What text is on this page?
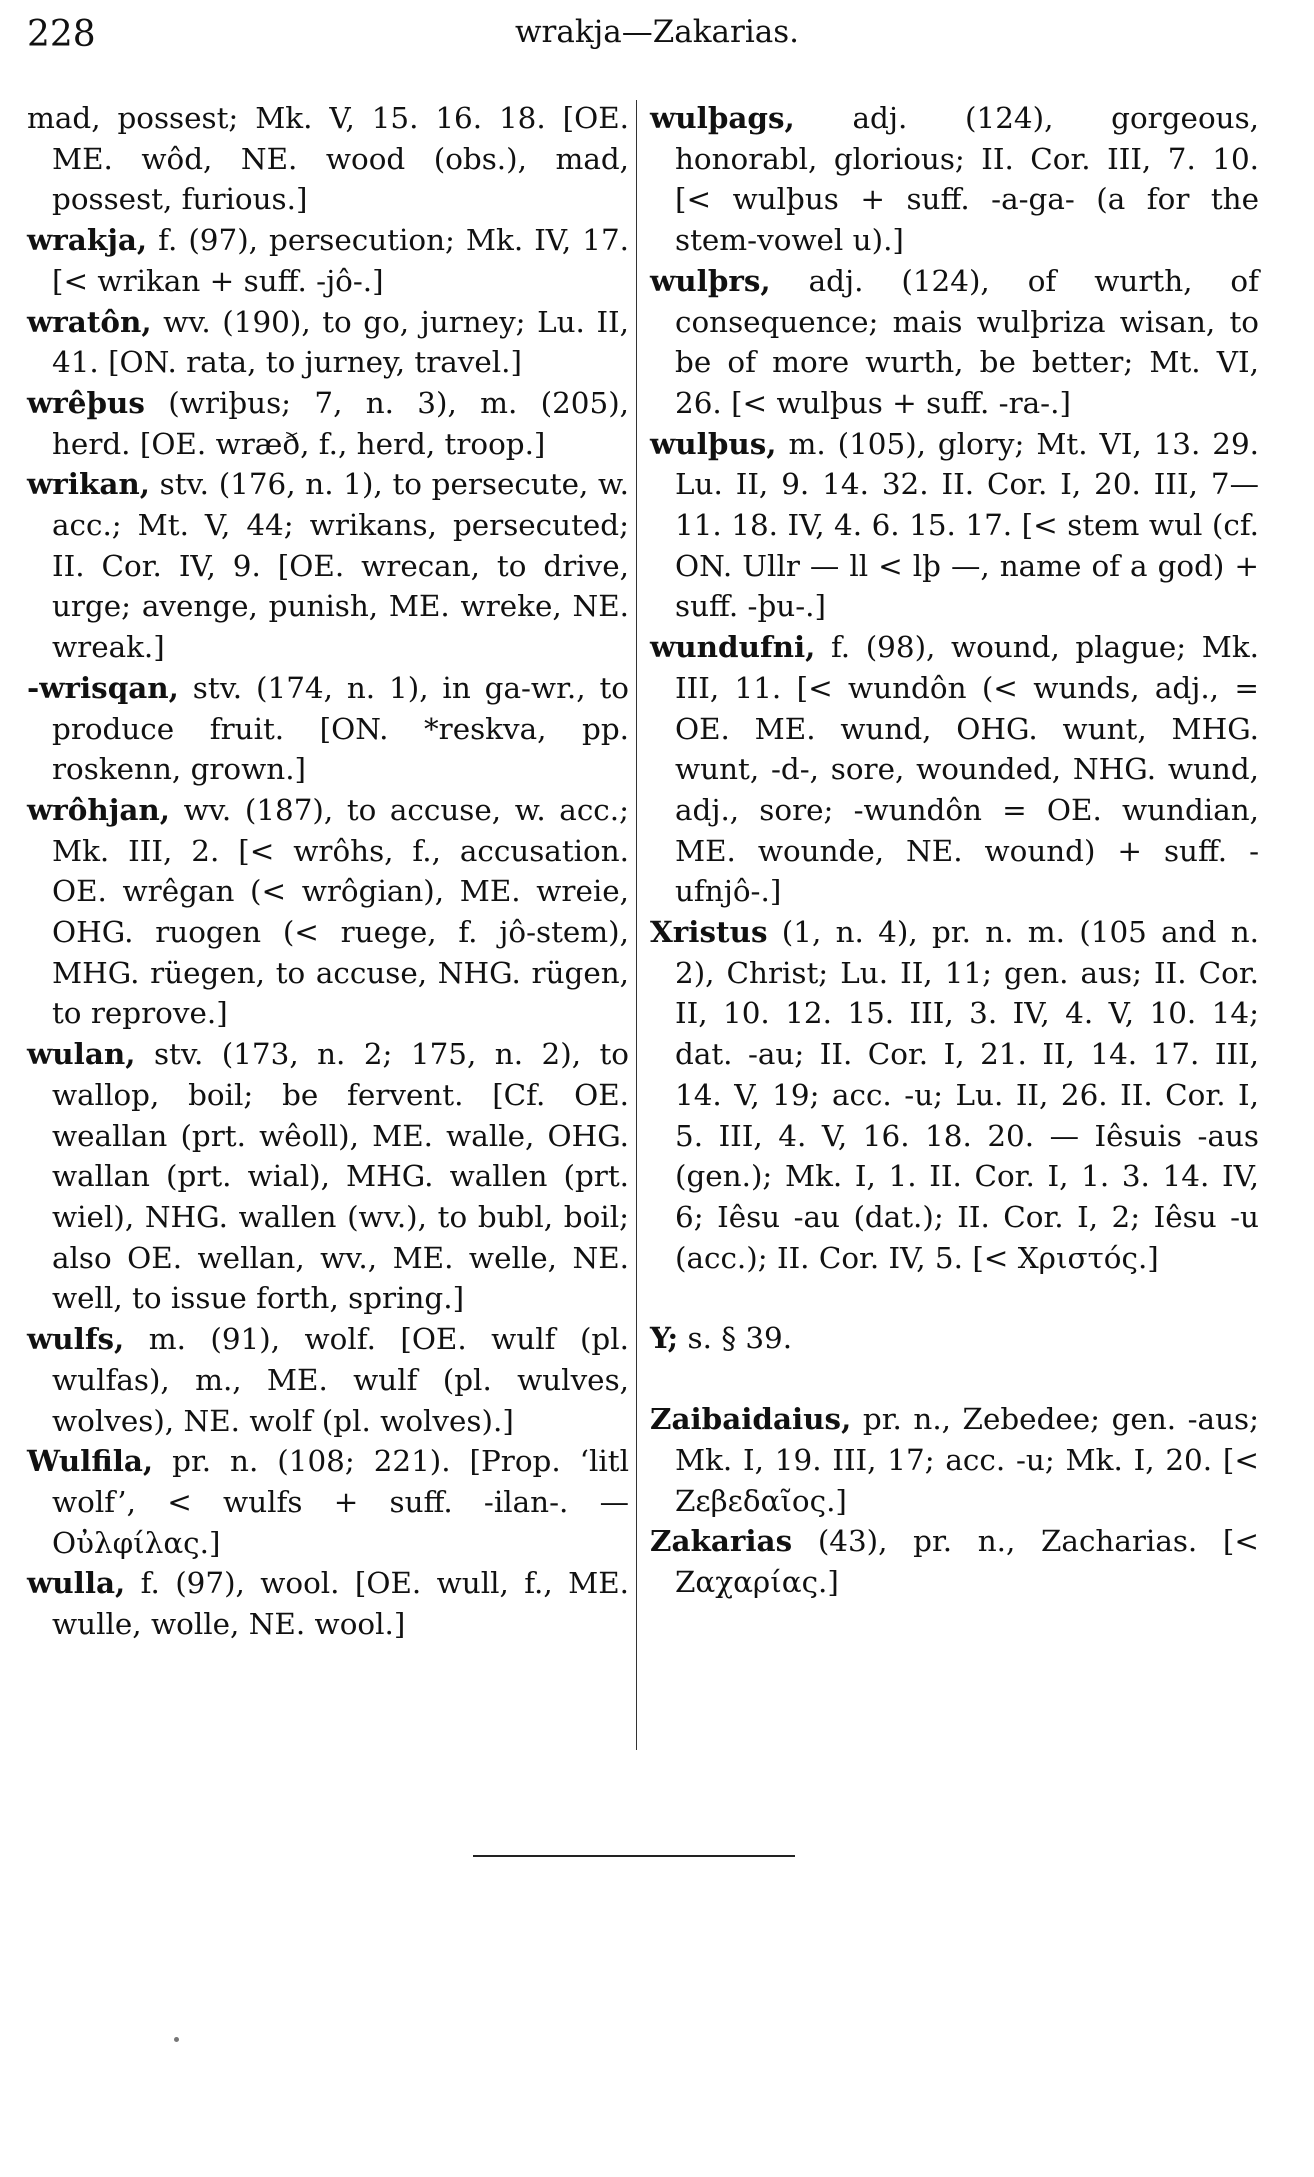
228	wrakja—Zakarias.

mad, possest; Mk. V, 15. 16. 18. [OE. ME. wôd, NE. wood (obs.), mad, possest, furious.]

wrakja, f. (97), persecution; Mk. IV, 17. [< wrikan + suff. -jô-.]

wratôn, wv. (190), to go, jurney; Lu. II, 41. [ON. rata, to jurney, travel.]

wrêþus (wriþus; 7, n. 3), m. (205), herd. [OE. wræð, f., herd, troop.]

wrikan, stv. (176, n. 1), to persecute, w. acc.; Mt. V, 44; wrikans, persecuted; II. Cor. IV, 9. [OE. wrecan, to drive, urge; avenge, punish, ME. wreke, NE. wreak.]

-wrisqan, stv. (174, n. 1), in ga-wr., to produce fruit. [ON. *reskva, pp. roskenn, grown.]

wrôhjan, wv. (187), to accuse, w. acc.; Mk. III, 2. [< wrôhs, f., accusation. OE. wrêgan (< wrôgian), ME. wreie, OHG. ruogen (< ruege, f. jô-stem), MHG. rüegen, to accuse, NHG. rügen, to reprove.]

wulan, stv. (173, n. 2; 175, n. 2), to wallop, boil; be fervent. [Cf. OE. weallan (prt. wêoll), ME. walle, OHG. wallan (prt. wial), MHG. wallen (prt. wiel), NHG. wallen (wv.), to bubl, boil; also OE. wellan, wv., ME. welle, NE. well, to issue forth, spring.]

wulfs, m. (91), wolf. [OE. wulf (pl. wulfas), m., ME. wulf (pl. wulves, wolves), NE. wolf (pl. wolves).]

Wulfila, pr. n. (108; 221). [Prop. ‘litl wolf’, < wulfs + suff. -ilan-. — Οὐλφίλας.]

wulla, f. (97), wool. [OE. wull, f., ME. wulle, wolle, NE. wool.]

wulþags, adj. (124), gorgeous, honorabl, glorious; II. Cor. III, 7. 10. [< wulþus + suff. -a-ga- (a for the stem-vowel u).]

wulþrs, adj. (124), of wurth, of consequence; mais wulþriza wisan, to be of more wurth, be better; Mt. VI, 26. [< wulþus + suff. -ra-.]

wulþus, m. (105), glory; Mt. VI, 13. 29. Lu. II, 9. 14. 32. II. Cor. I, 20. III, 7—11. 18. IV, 4. 6. 15. 17. [< stem wul (cf. ON. Ullr — ll < lþ —, name of a god) + suff. -þu-.]

wundufni, f. (98), wound, plague; Mk. III, 11. [< wundôn (< wunds, adj., = OE. ME. wund, OHG. wunt, MHG. wunt, -d-, sore, wounded, NHG. wund, adj., sore; -wundôn = OE. wundian, ME. wounde, NE. wound) + suff. -ufnjô-.]

Xristus (1, n. 4), pr. n. m. (105 and n. 2), Christ; Lu. II, 11; gen. aus; II. Cor. II, 10. 12. 15. III, 3. IV, 4. V, 10. 14; dat. -au; II. Cor. I, 21. II, 14. 17. III, 14. V, 19; acc. -u; Lu. II, 26. II. Cor. I, 5. III, 4. V, 16. 18. 20. — Iêsuis -aus (gen.); Mk. I, 1. II. Cor. I, 1. 3. 14. IV, 6; Iêsu -au (dat.); II. Cor. I, 2; Iêsu -u (acc.); II. Cor. IV, 5. [< Χριστός.]

Y; s. § 39.

Zaibaidaius, pr. n., Zebedee; gen. -aus; Mk. I, 19. III, 17; acc. -u; Mk. I, 20. [< Ζεβεδαῖος.]

Zakarias (43), pr. n., Zacharias. [< Ζαχαρίας.]
